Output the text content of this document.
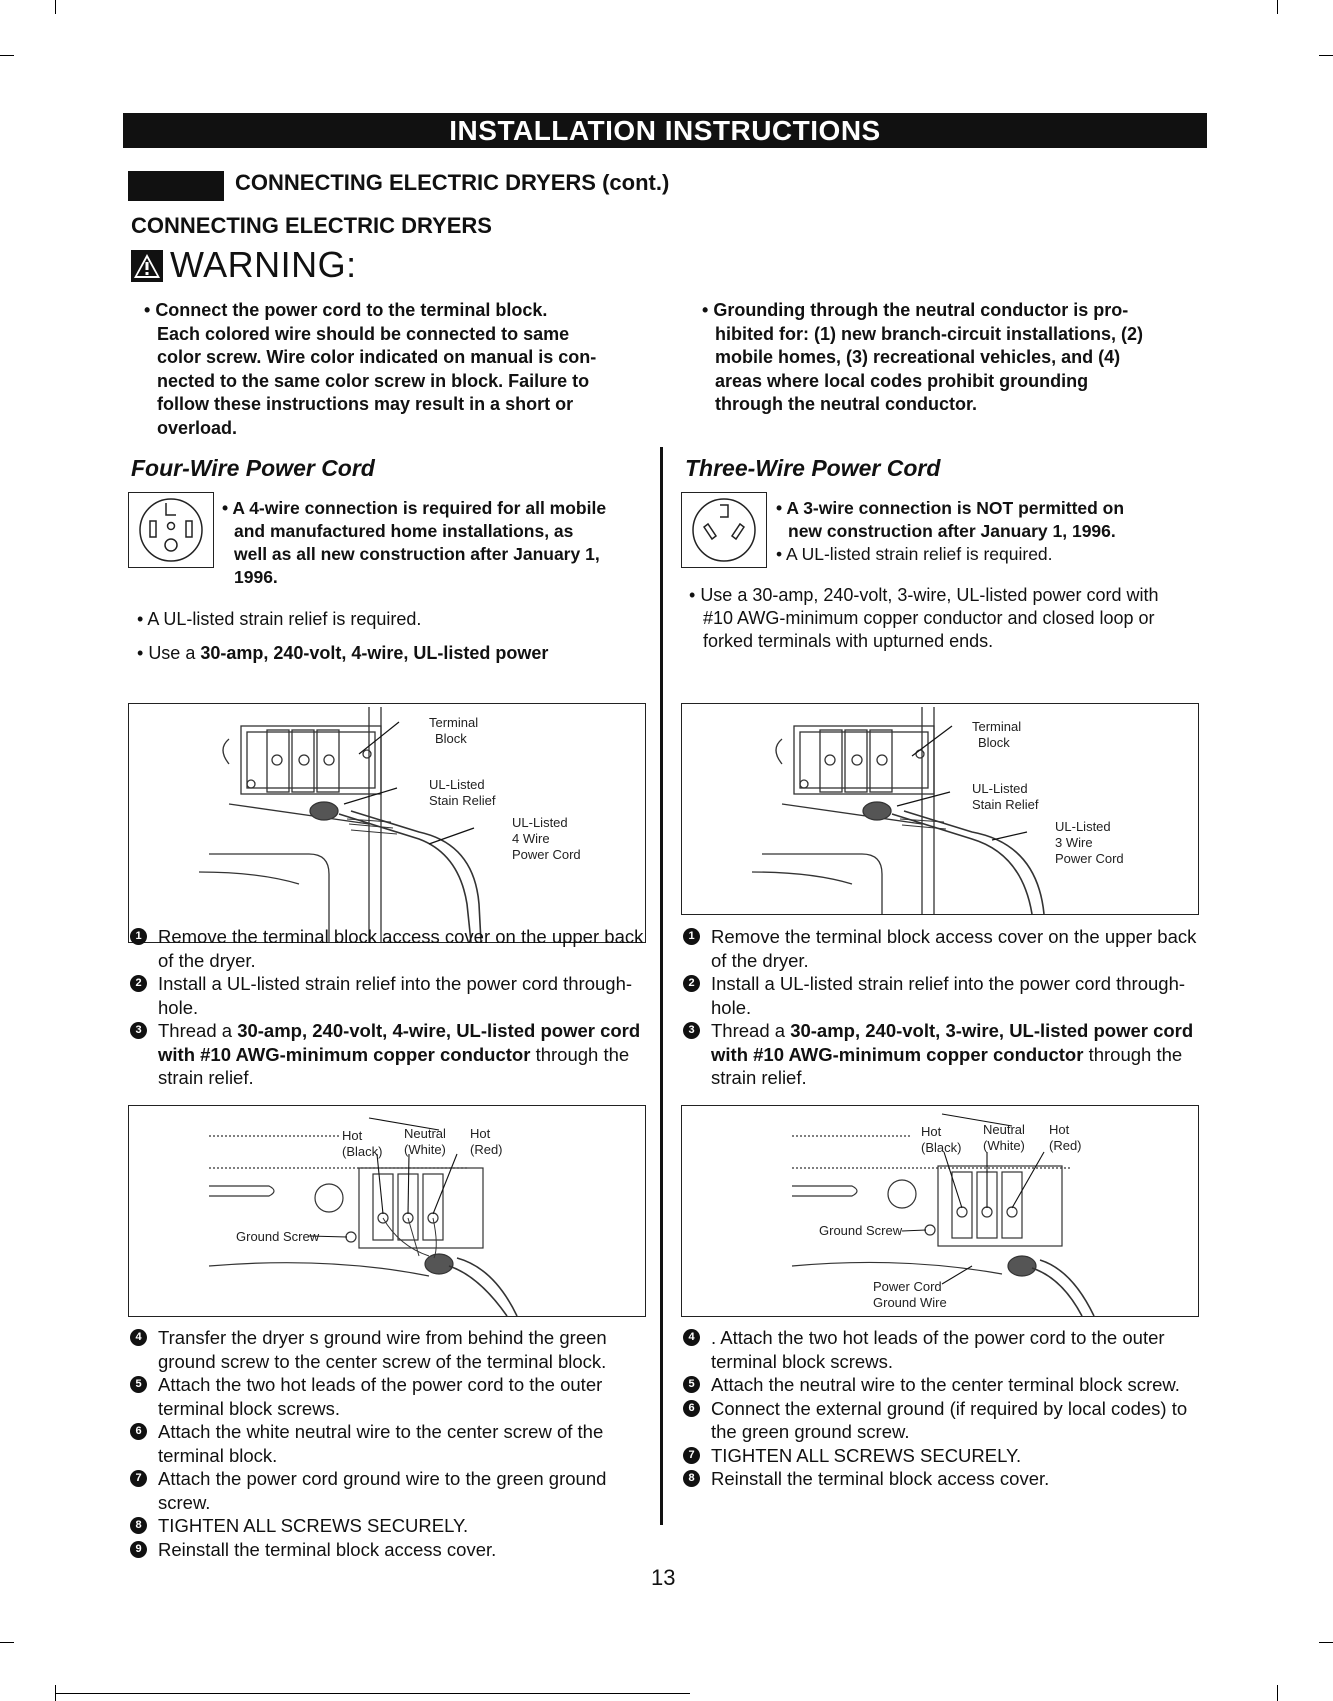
INSTALLATION INSTRUCTIONS
CONNECTING ELECTRIC DRYERS (cont.)
CONNECTING ELECTRIC DRYERS
WARNING:

• Connect the power cord to the terminal block.
Each colored wire should be connected to same
color screw. Wire color indicated on manual is con-
nected to the same color screw in block. Failure to
follow these instructions may result in a short or
overload.

• Grounding through the neutral conductor is pro-
hibited for: (1) new branch-circuit installations, (2)
mobile homes, (3) recreational vehicles, and (4)
areas where local codes prohibit grounding
through the neutral conductor.

Four-Wire Power Cord

• A 4-wire connection is required for all mobile

and manufactured home installations, as

well as all new construction after January 1,

1996.

• A UL-listed strain relief is required.

• Use a 30-amp, 240-volt, 4-wire, UL-listed power

Terminal
Block
UL-Listed
Stain Relief
UL-Listed
4 Wire
Power Cord

1 Remove the terminal block access cover on the upper back of the dryer.

2 Install a UL-listed strain relief into the power cord through-hole.

3 Thread a 30-amp, 240-volt, 4-wire, UL-listed power cord with #10 AWG-minimum copper conductor through the strain relief.

Hot
(Black)
Neutral
(White)
Hot
(Red)
Ground Screw

4 Transfer the dryer s ground wire from behind the green ground screw to the center screw of the terminal block.

5 Attach the two hot leads of the power cord to the outer terminal block screws.

6 Attach the white neutral wire to the center screw of the terminal block.

7 Attach the power cord ground wire to the green ground screw.

8 TIGHTEN ALL SCREWS SECURELY.

9 Reinstall the terminal block access cover.

Three-Wire Power Cord

• A 3-wire connection is NOT permitted on

new construction after January 1, 1996.

• A UL-listed strain relief is required.

• Use a 30-amp, 240-volt, 3-wire, UL-listed power cord with

#10 AWG-minimum copper conductor and closed loop or

forked terminals with upturned ends.

Terminal
Block
UL-Listed
Stain Relief
UL-Listed
3 Wire
Power Cord

1 Remove the terminal block access cover on the upper back of the dryer.

2 Install a UL-listed strain relief into the power cord through-hole.

3 Thread a 30-amp, 240-volt, 3-wire, UL-listed power cord with #10 AWG-minimum copper conductor through the strain relief.

Hot
(Black)
Neutral
(White)
Hot
(Red)
Ground Screw
Power Cord
Ground Wire

4 . Attach the two hot leads of the power cord to the outer terminal block screws.

5 Attach the neutral wire to the center terminal block screw.

6 Connect the external ground (if required by local codes) to the green ground screw.

7 TIGHTEN ALL SCREWS SECURELY.

8 Reinstall the terminal block access cover.

13
